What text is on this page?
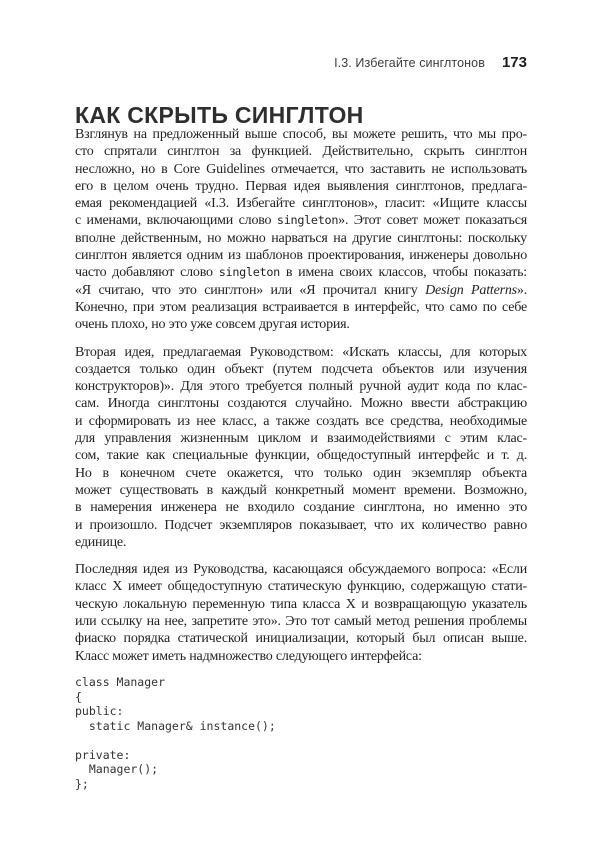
I.3. Избегайте синглтонов 173
КАК СКРЫТЬ СИНГЛТОН
Взглянув на предложенный выше способ, вы можете решить, что мы про-
сто спрятали синглтон за функцией. Действительно, скрыть синглтон
несложно, но в Core Guidelines отмечается, что заставить не использовать
его в целом очень трудно. Первая идея выявления синглтонов, предлага-
емая рекомендацией «I.3. Избегайте синглтонов», гласит: «Ищите классы
с именами, включающими слово singleton». Этот совет может показаться
вполне действенным, но можно нарваться на другие синглтоны: поскольку
синглтон является одним из шаблонов проектирования, инженеры довольно
часто добавляют слово singleton в имена своих классов, чтобы показать:
«Я считаю, что это синглтон» или «Я прочитал книгу Design Patterns».
Конечно, при этом реализация встраивается в интерфейс, что само по себе
очень плохо, но это уже совсем другая история.
Вторая идея, предлагаемая Руководством: «Искать классы, для которых
создается только один объект (путем подсчета объектов или изучения
конструкторов)». Для этого требуется полный ручной аудит кода по клас-
сам. Иногда синглтоны создаются случайно. Можно ввести абстракцию
и сформировать из нее класс, а также создать все средства, необходимые
для управления жизненным циклом и взаимодействиями с этим клас-
сом, такие как специальные функции, общедоступный интерфейс и т. д.
Но в конечном счете окажется, что только один экземпляр объекта
может существовать в каждый конкретный момент времени. Возможно,
в намерения инженера не входило создание синглтона, но именно это
и произошло. Подсчет экземпляров показывает, что их количество равно
единице.
Последняя идея из Руководства, касающаяся обсуждаемого вопроса: «Если
класс X имеет общедоступную статическую функцию, содержащую стати-
ческую локальную переменную типа класса X и возвращающую указатель
или ссылку на нее, запретите это». Это тот самый метод решения проблемы
фиаско порядка статической инициализации, который был описан выше.
Класс может иметь надмножество следующего интерфейса:
class Manager
{
public:
static Manager& instance();

private:
Manager();
};
